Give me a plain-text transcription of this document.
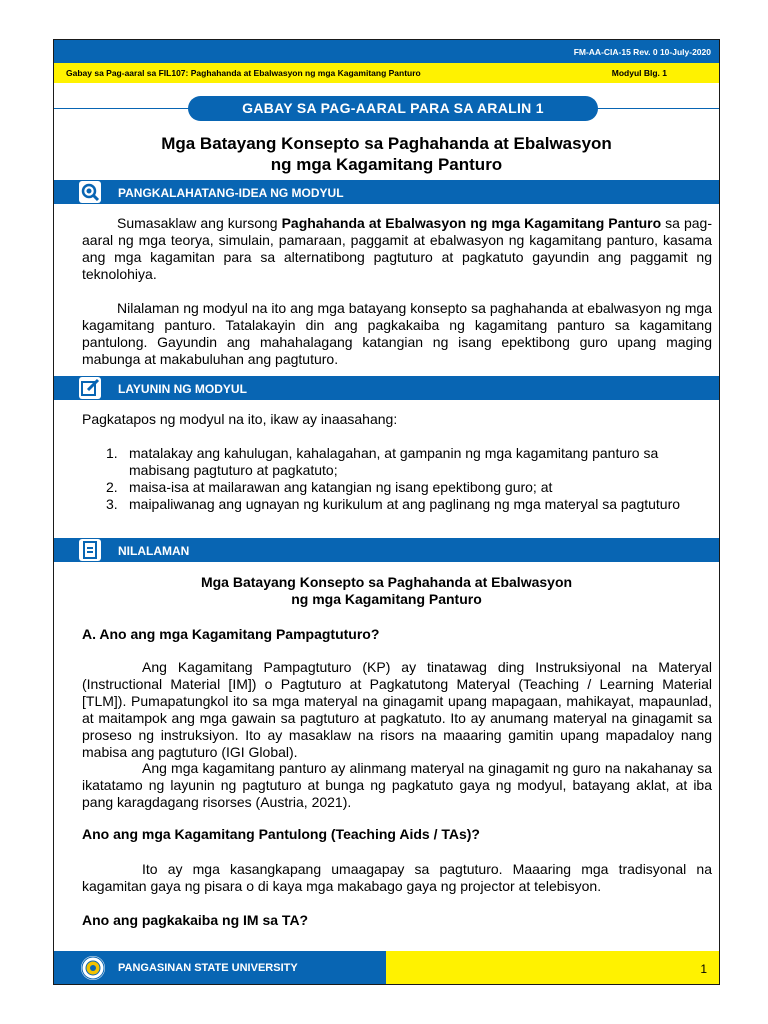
FM-AA-CIA-15 Rev. 0 10-July-2020
Gabay sa Pag-aaral sa FIL107: Paghahanda at Ebalwasyon ng mga Kagamitang Panturo	Modyul Blg. 1
GABAY SA PAG-AARAL PARA SA ARALIN 1
Mga Batayang Konsepto sa Paghahanda at Ebalwasyon
ng mga Kagamitang Panturo
PANGKALAHATANG-IDEA NG MODYUL
Sumasaklaw ang kursong Paghahanda at Ebalwasyon ng mga Kagamitang Panturo sa pag-aaral ng mga teorya, simulain, pamaraan, paggamit at ebalwasyon ng kagamitang panturo, kasama ang mga kagamitan para sa alternatibong pagtuturo at pagkatuto gayundin ang paggamit ng teknolohiya.
Nilalaman ng modyul na ito ang mga batayang konsepto sa paghahanda at ebalwasyon ng mga kagamitang panturo. Tatalakayin din ang pagkakaiba ng kagamitang panturo sa kagamitang pantulong. Gayundin ang mahahalagang katangian ng isang epektibong guro upang maging mabunga at makabuluhan ang pagtuturo.
LAYUNIN NG MODYUL
Pagkatapos ng modyul na ito, ikaw ay inaasahang:
1. matalakay ang kahulugan, kahalagahan, at gampanin ng mga kagamitang panturo sa mabisang pagtuturo at pagkatuto;
2. maisa-isa at mailarawan ang katangian ng isang epektibong guro; at
3. maipaliwanag ang ugnayan ng kurikulum at ang paglinang ng mga materyal sa pagtuturo
NILALAMAN
Mga Batayang Konsepto sa Paghahanda at Ebalwasyon
ng mga Kagamitang Panturo
A. Ano ang mga Kagamitang Pampagtuturo?
Ang Kagamitang Pampagtuturo (KP) ay tinatawag ding Instruksiyonal na Materyal (Instructional Material [IM]) o Pagtuturo at Pagkatutong Materyal (Teaching / Learning Material [TLM]). Pumapatungkol ito sa mga materyal na ginagamit upang mapagaan, mahikayat, mapaunlad, at maitampok ang mga gawain sa pagtuturo at pagkatuto. Ito ay anumang materyal na ginagamit sa proseso ng instruksiyon. Ito ay masaklaw na risors na maaaring gamitin upang mapadaloy nang mabisa ang pagtuturo (IGI Global).
Ang mga kagamitang panturo ay alinmang materyal na ginagamit ng guro na nakahanay sa ikatatamo ng layunin ng pagtuturo at bunga ng pagkatuto gaya ng modyul, batayang aklat, at iba pang karagdagang risorses (Austria, 2021).
Ano ang mga Kagamitang Pantulong (Teaching Aids / TAs)?
Ito ay mga kasangkapang umaagapay sa pagtuturo. Maaaring mga tradisyonal na kagamitan gaya ng pisara o di kaya mga makabago gaya ng projector at telebisyon.
Ano ang pagkakaiba ng IM sa TA?
PANGASINAN STATE UNIVERSITY	1
